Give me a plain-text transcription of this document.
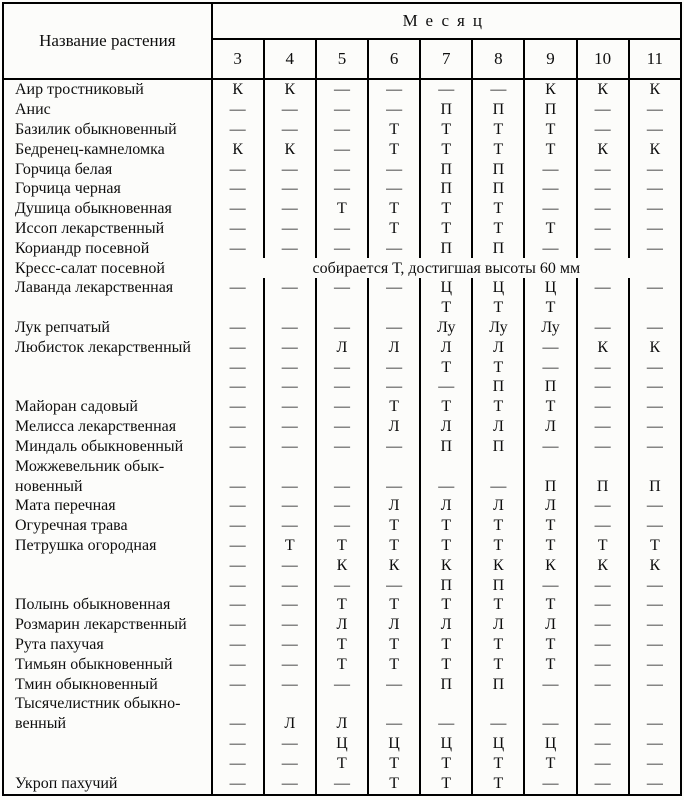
Название растения	Месяц								
	3	4	5	6	7	8	9	10	11
Аир тростниковый	К	К	—	—	—	—	К	К	К
Анис	—	—	—	—	П	П	П	—	—
Базилик обыкновенный	—	—	—	Т	Т	Т	Т	—	—
Бедренец-камнеломка	К	К	—	Т	Т	Т	Т	К	К
Горчица белая	—	—	—	—	П	П	—	—	—
Горчица черная	—	—	—	—	П	П	—	—	—
Душица обыкновенная	—	—	Т	Т	Т	Т	—	—	—
Иссоп лекарственный	—	—	—	Т	Т	Т	Т	—	—
Кориандр посевной	—	—	—	—	П	П	—	—	—
Кресс-салат посевной	собирается Т, достигшая высоты 60 мм								
Лаванда лекарственная	—	—	—	—	Ц	Ц	Ц	—	—
					Т	Т	Т		
Лук репчатый	—	—	—	—	Лу	Лу	Лу	—	—
Любисток лекарственный	—	—	Л	Л	Л	Л	—	К	К
	—	—	—	—	Т	Т	—	—	—
	—	—	—	—	—	П	П	—	—
Майоран садовый	—	—	—	Т	Т	Т	Т	—	—
Мелисса лекарственная	—	—	—	Л	Л	Л	Л	—	—
Миндаль обыкновенный	—	—	—	—	П	П	—	—	—
Можжевельник обык-									
новенный	—	—	—	—	—	—	П	П	П
Мата перечная	—	—	—	Л	Л	Л	Л	—	—
Огуречная трава	—	—	—	Т	Т	Т	Т	—	—
Петрушка огородная	—	Т	Т	Т	Т	Т	Т	Т	Т
	—	—	К	К	К	К	К	К	К
	—	—	—	—	П	П	—	—	—
Полынь обыкновенная	—	—	Т	Т	Т	Т	Т	—	—
Розмарин лекарственный	—	—	Л	Л	Л	Л	Л	—	—
Рута пахучая	—	—	Т	Т	Т	Т	Т	—	—
Тимьян обыкновенный	—	—	Т	Т	Т	Т	Т	—	—
Тмин обыкновенный	—	—	—	—	П	П	—	—	—
Тысячелистник обыкно-									
венный	—	Л	Л	—	—	—	—	—	—
	—	—	Ц	Ц	Ц	Ц	Ц	—	—
	—	—	Т	Т	Т	Т	Т	—	—
Укроп пахучий	—	—	—	Т	Т	Т	—	—	—
